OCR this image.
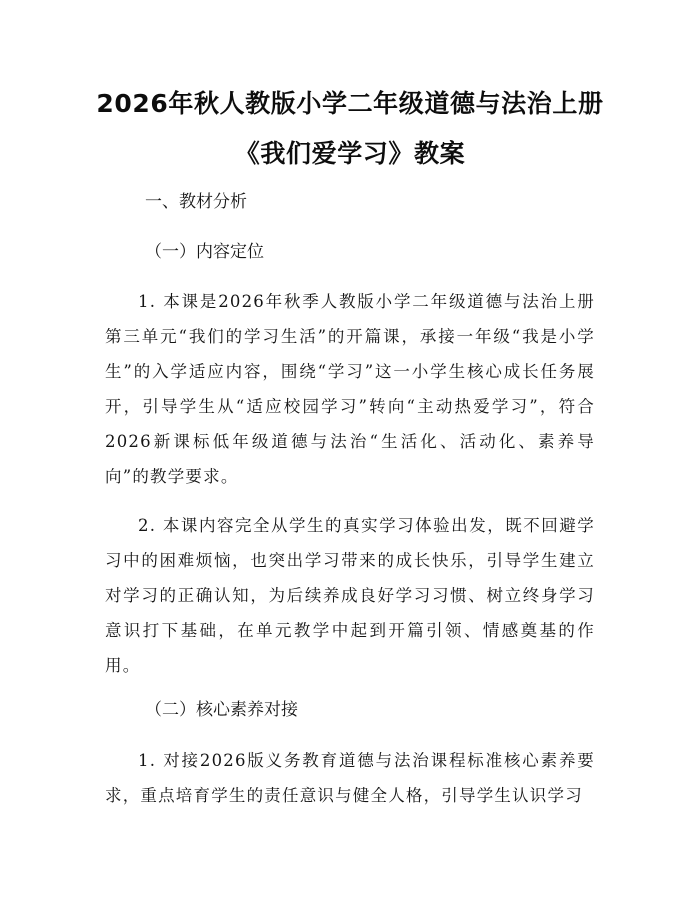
2026年秋人教版小学二年级道德与法治上册
《我们爱学习》教案
一、教材分析
（一）内容定位

1. 本课是2026年秋季人教版小学二年级道德与法治上册第三单元“我们的学习生活”的开篇课，承接一年级“我是小学生”的入学适应内容，围绕“学习”这一小学生核心成长任务展开，引导学生从“适应校园学习”转向“主动热爱学习”，符合2026新课标低年级道德与法治“生活化、活动化、素养导向”的教学要求。

2. 本课内容完全从学生的真实学习体验出发，既不回避学习中的困难烦恼，也突出学习带来的成长快乐，引导学生建立对学习的正确认知，为后续养成良好学习习惯、树立终身学习意识打下基础，在单元教学中起到开篇引领、情感奠基的作用。

（二）核心素养对接

1. 对接2026版义务教育道德与法治课程标准核心素养要求，重点培育学生的责任意识与健全人格，引导学生认识学习
